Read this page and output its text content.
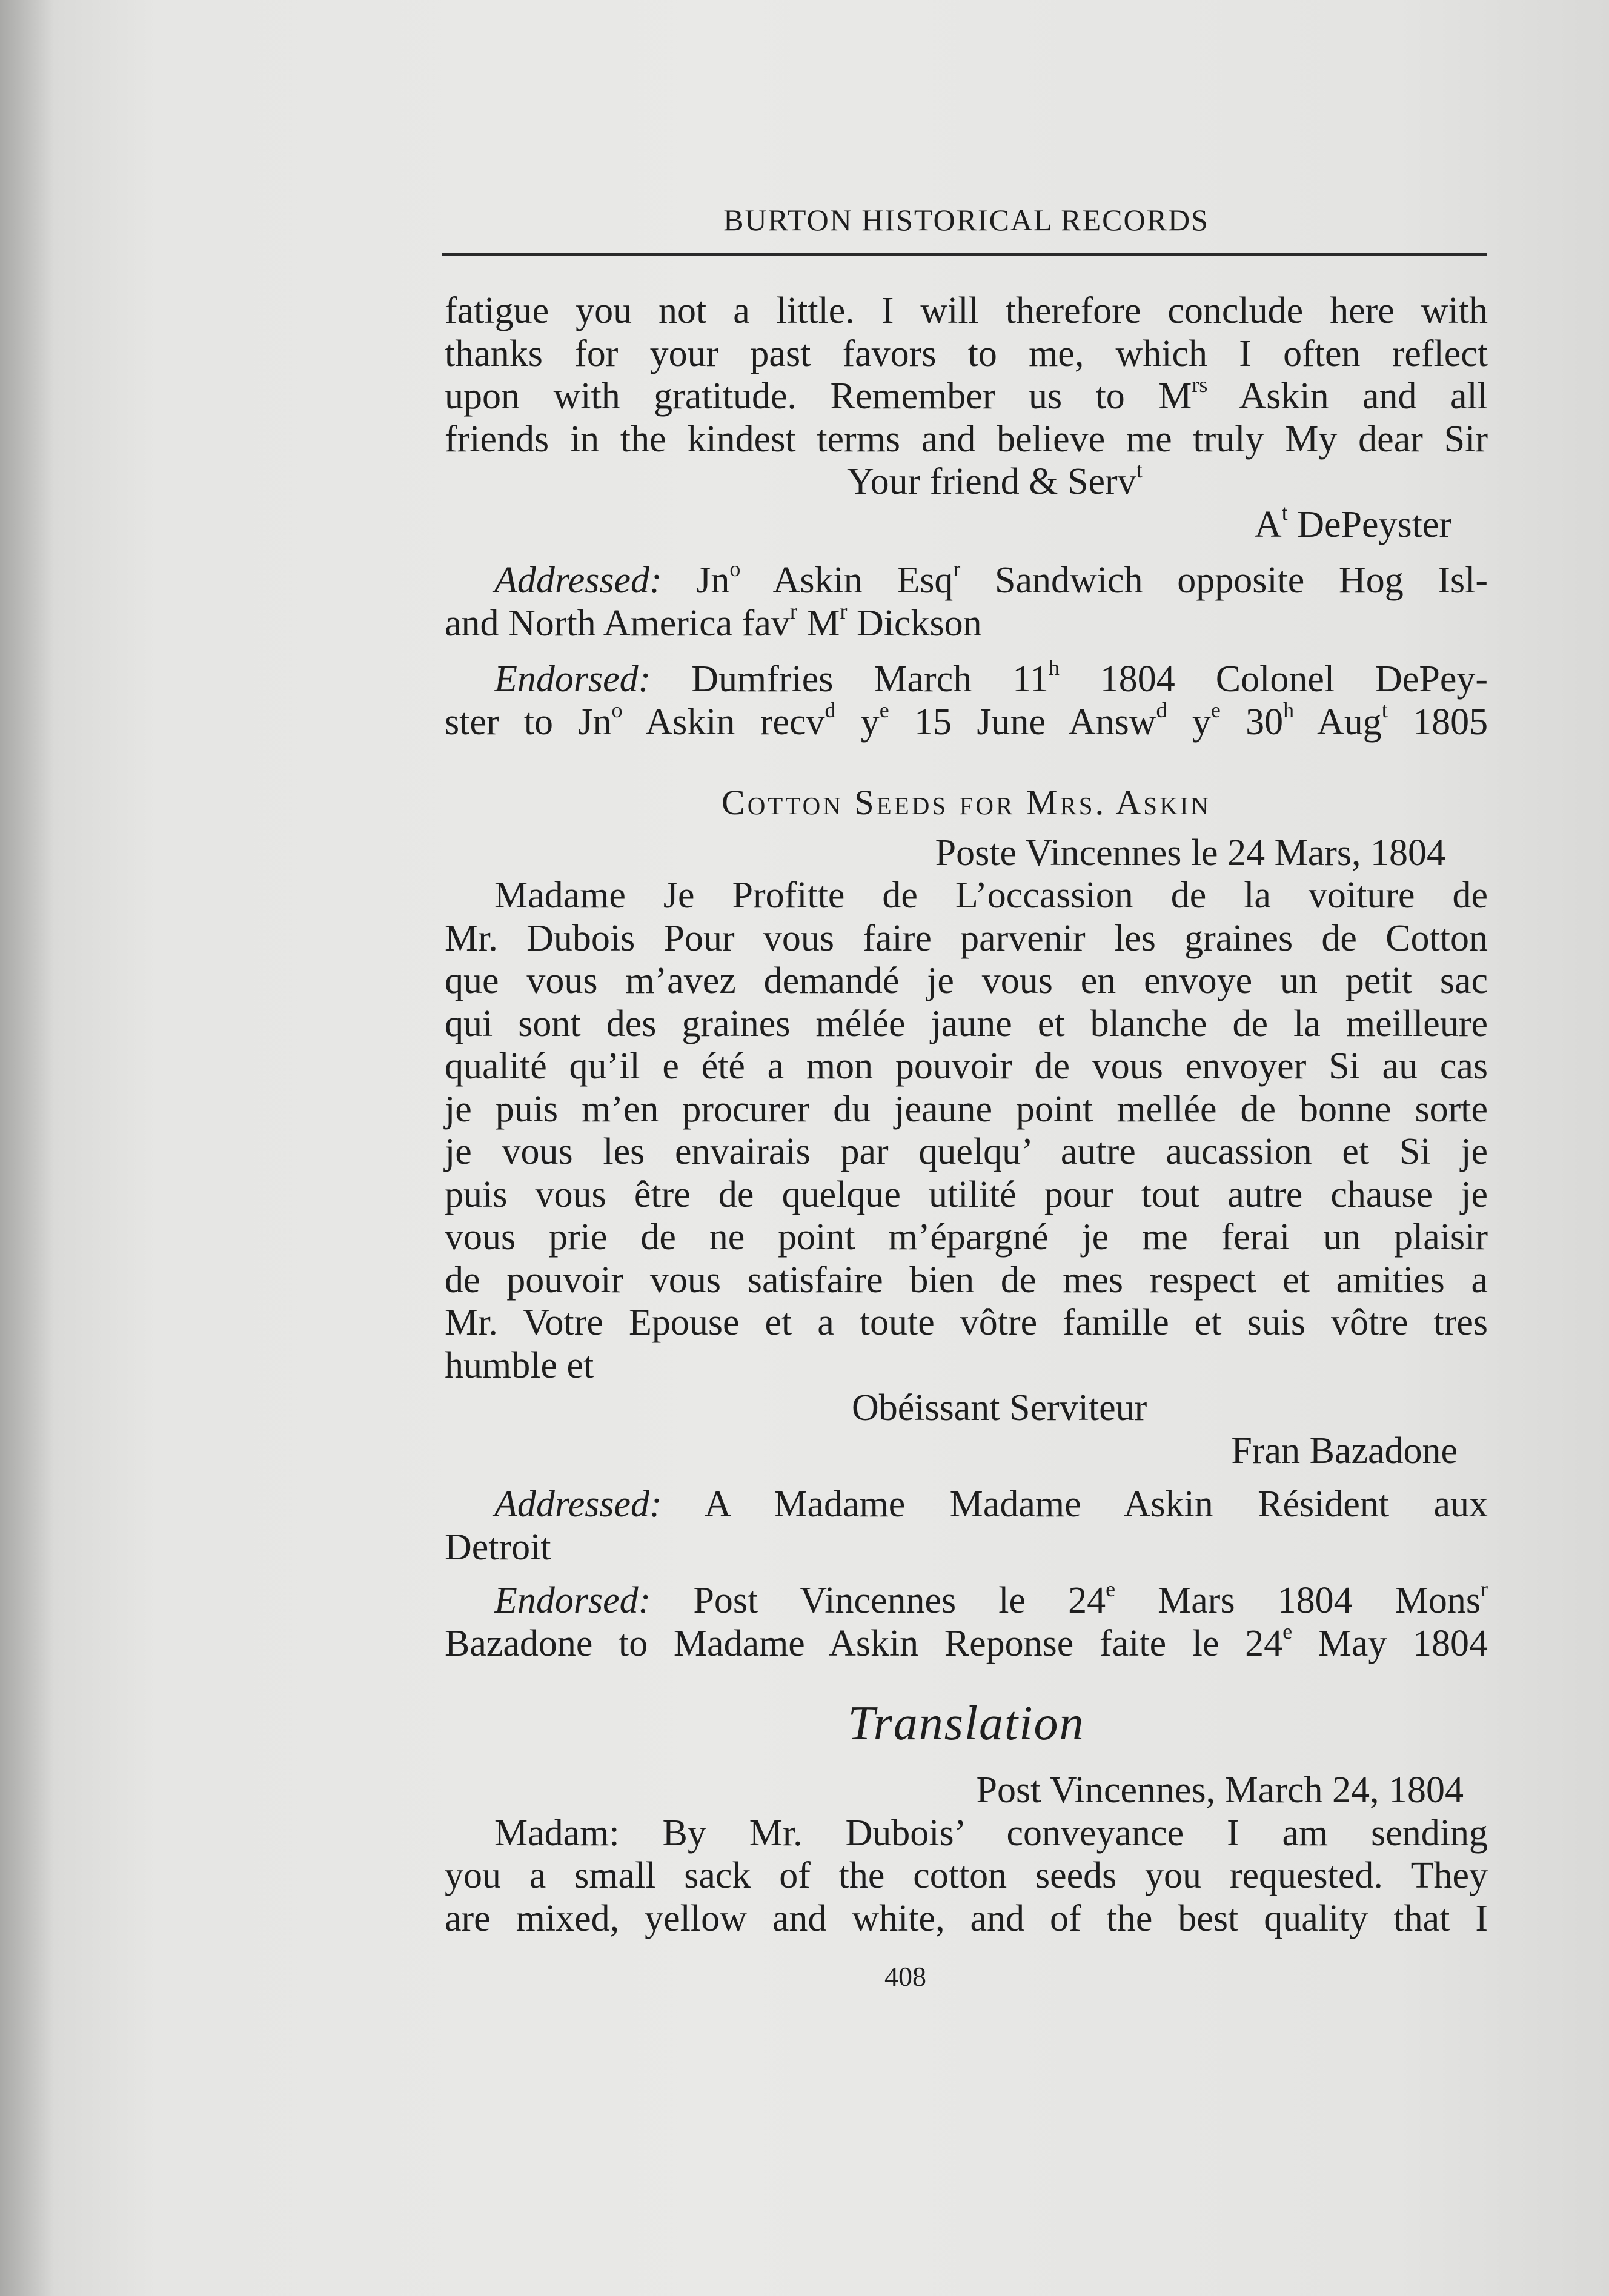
BURTON HISTORICAL RECORDS

fatigue you not a little. I will therefore conclude here with

thanks for your past favors to me, which I often reflect

upon with gratitude. Remember us to $M^{rs}$ Askin and all

friends in the kindest terms and believe me truly My dear Sir

Your friend & Serv$^t$

$A^t$ DePeyster

Addressed: Jn$^o$ Askin Esq$^r$ Sandwich opposite Hog Isl-

and North America fav$^r$ $M^r$ Dickson

Endorsed: Dumfries March 11$^h$ 1804 Colonel DePey-

ster to Jn$^o$ Askin recv$^d$ $y^e$ 15 June Answ$^d$ $y^e$ 30$^h$ Aug$^t$ 1805

Cotton Seeds for Mrs. Askin

Poste Vincennes le 24 Mars, 1804

Madame Je Profitte de L’occassion de la voiture de

Mr. Dubois Pour vous faire parvenir les graines de Cotton

que vous m’avez demandé je vous en envoye un petit sac

qui sont des graines mélée jaune et blanche de la meilleure

qualité qu’il e été a mon pouvoir de vous envoyer Si au cas

je puis m’en procurer du jeaune point mellée de bonne sorte

je vous les envairais par quelqu’ autre aucassion et Si je

puis vous être de quelque utilité pour tout autre chause je

vous prie de ne point m’épargné je me ferai un plaisir

de pouvoir vous satisfaire bien de mes respect et amities a

Mr. Votre Epouse et a toute vôtre famille et suis vôtre tres

humble et

Obéissant Serviteur

Fran Bazadone

Addressed: A Madame Madame Askin Résident aux

Detroit

Endorsed: Post Vincennes le 24e Mars 1804 Mons$^r$

Bazadone to Madame Askin Reponse faite le 24e May 1804

Translation

Post Vincennes, March 24, 1804

Madam: By Mr. Dubois’ conveyance I am sending

you a small sack of the cotton seeds you requested. They

are mixed, yellow and white, and of the best quality that I

408
